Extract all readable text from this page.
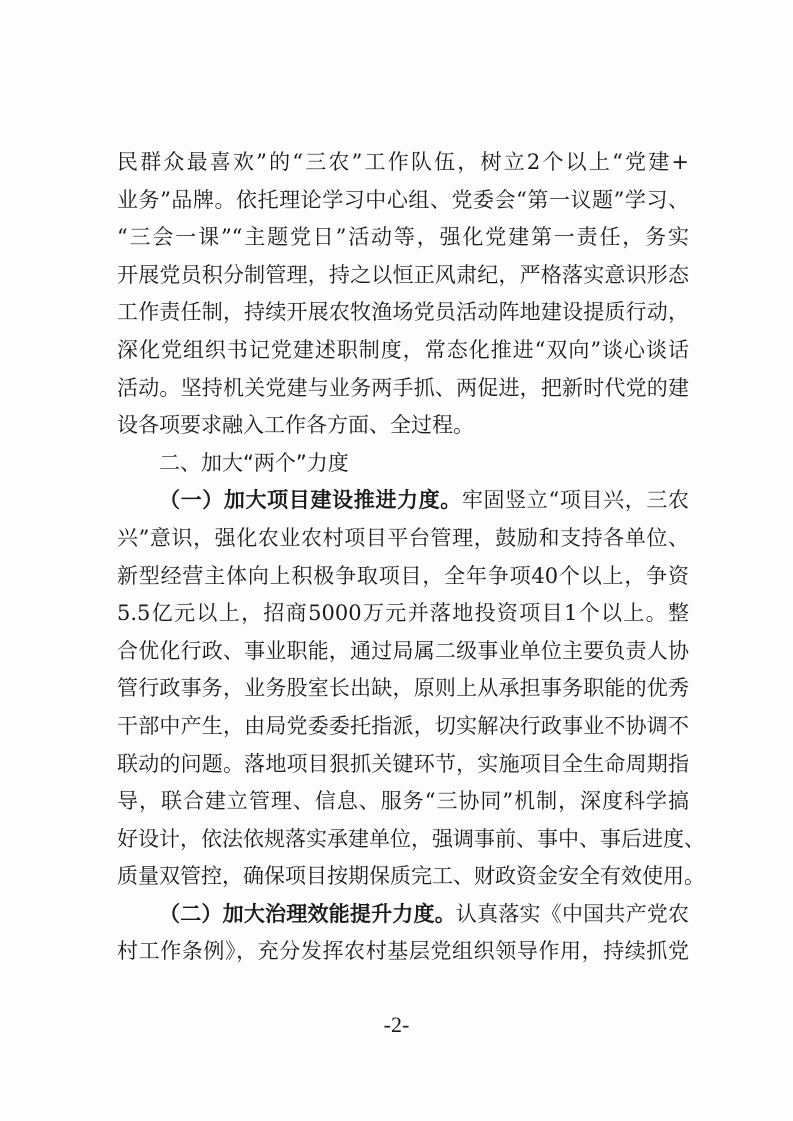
民群众最喜欢”的“三农”工作队伍，树立2个以上“党建+
业务”品牌。依托理论学习中心组、党委会“第一议题”学习、
“三会一课”“主题党日”活动等，强化党建第一责任，务实
开展党员积分制管理，持之以恒正风肃纪，严格落实意识形态
工作责任制，持续开展农牧渔场党员活动阵地建设提质行动，
深化党组织书记党建述职制度，常态化推进“双向”谈心谈话
活动。坚持机关党建与业务两手抓、两促进，把新时代党的建
设各项要求融入工作各方面、全过程。
二、加大“两个”力度
（一）加大项目建设推进力度。牢固竖立“项目兴，三农
兴”意识，强化农业农村项目平台管理，鼓励和支持各单位、
新型经营主体向上积极争取项目，全年争项40个以上，争资
5.5亿元以上，招商5000万元并落地投资项目1个以上。整
合优化行政、事业职能，通过局属二级事业单位主要负责人协
管行政事务，业务股室长出缺，原则上从承担事务职能的优秀
干部中产生，由局党委委托指派，切实解决行政事业不协调不
联动的问题。落地项目狠抓关键环节，实施项目全生命周期指
导，联合建立管理、信息、服务“三协同”机制，深度科学搞
好设计，依法依规落实承建单位，强调事前、事中、事后进度、
质量双管控，确保项目按期保质完工、财政资金安全有效使用。
（二）加大治理效能提升力度。认真落实《中国共产党农
村工作条例》，充分发挥农村基层党组织领导作用，持续抓党
-2-
